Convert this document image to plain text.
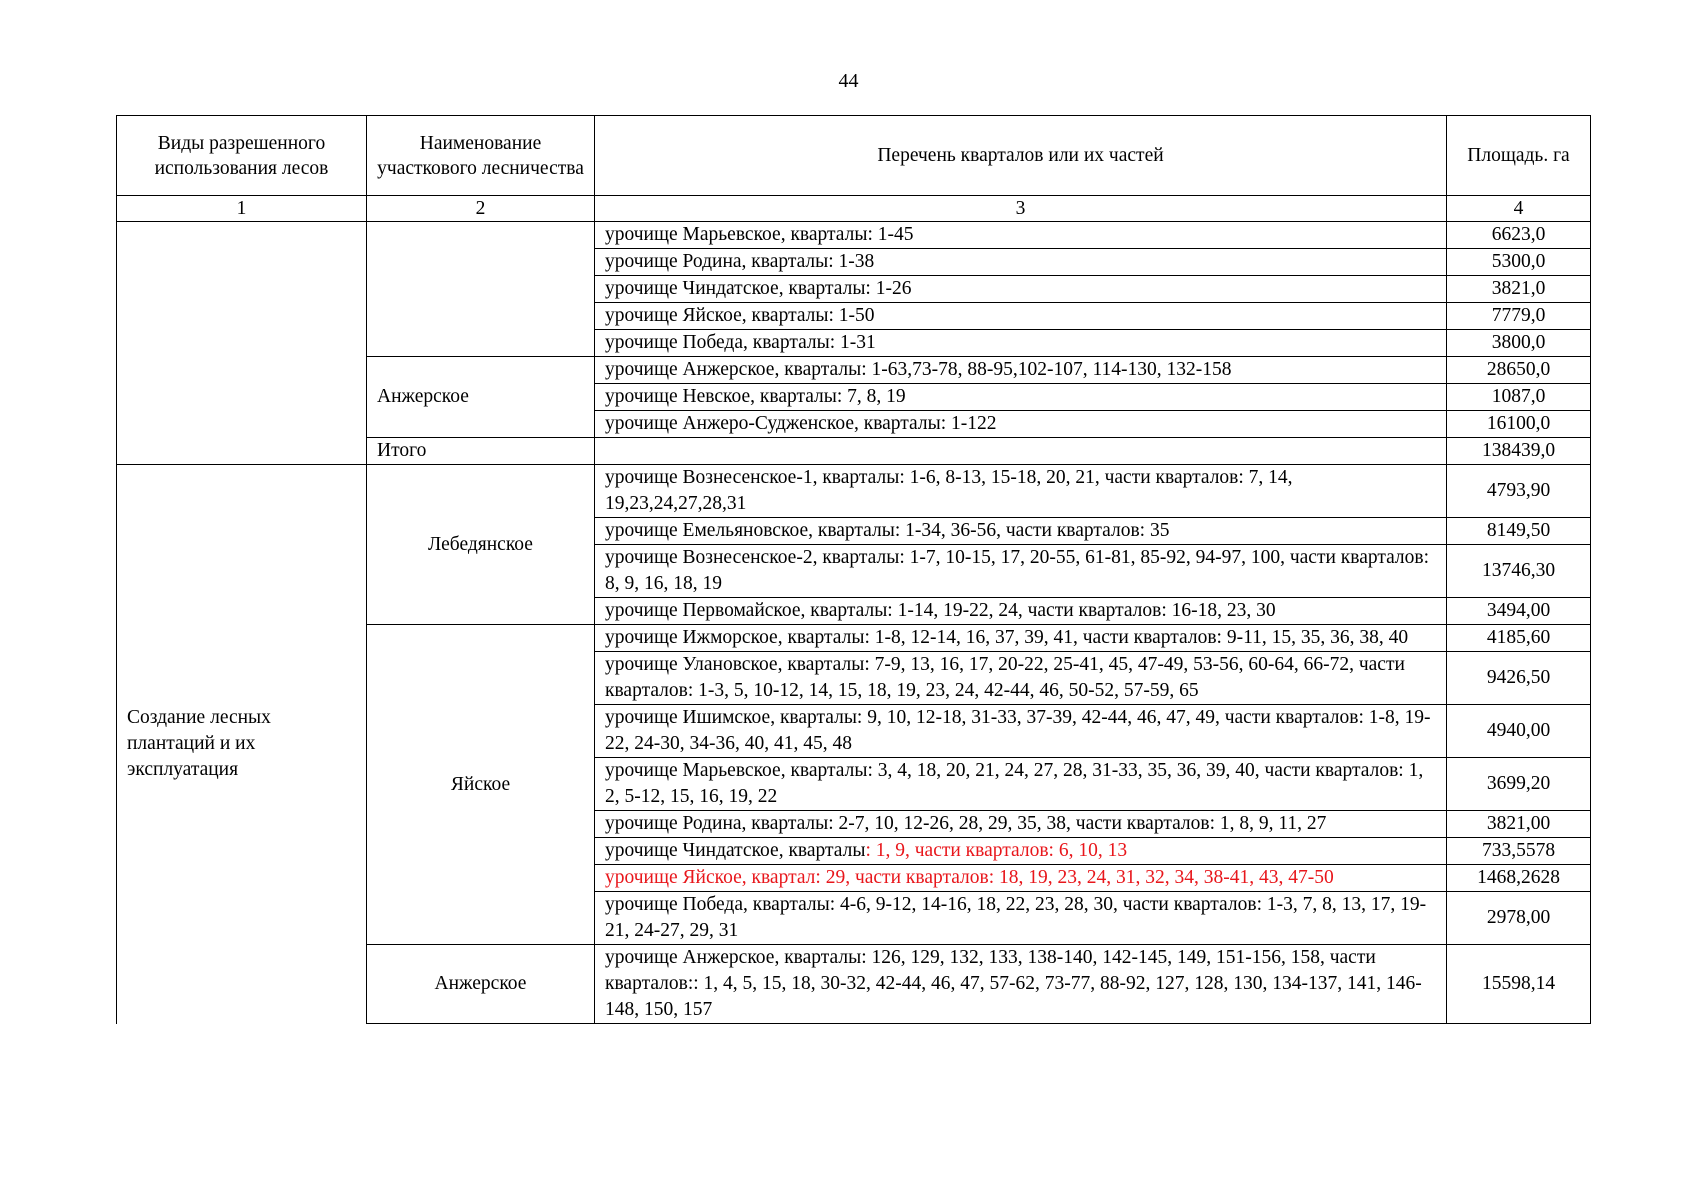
44
Виды разрешенного использования лесов	Наименование участкового лесничества	Перечень кварталов или их частей	Площадь. га
1	2	3	4
		урочище Марьевское, кварталы: 1-45	6623,0
		урочище Родина, кварталы: 1-38	5300,0
		урочище Чиндатское, кварталы: 1-26	3821,0
		урочище Яйское, кварталы: 1-50	7779,0
		урочище Победа, кварталы: 1-31	3800,0
	Анжерское	урочище Анжерское, кварталы: 1-63,73-78, 88-95,102-107, 114-130, 132-158	28650,0
		урочище Невское, кварталы: 7, 8, 19	1087,0
		урочище Анжеро-Судженское, кварталы: 1-122	16100,0
	Итого		138439,0
Создание лесных плантаций и их эксплуатация	Лебедянское	урочище Вознесенское-1, кварталы: 1-6, 8-13, 15-18, 20, 21, части кварталов: 7, 14, 19,23,24,27,28,31	4793,90
		урочище Емельяновское, кварталы: 1-34, 36-56, части кварталов: 35	8149,50
		урочище Вознесенское-2, кварталы: 1-7, 10-15, 17, 20-55, 61-81, 85-92, 94-97, 100, части кварталов: 8, 9, 16, 18, 19	13746,30
		урочище Первомайское, кварталы: 1-14, 19-22, 24, части кварталов: 16-18, 23, 30	3494,00
	Яйское	урочище Ижморское, кварталы: 1-8, 12-14, 16, 37, 39, 41, части кварталов: 9-11, 15, 35, 36, 38, 40	4185,60
		урочище Улановское, кварталы: 7-9, 13, 16, 17, 20-22, 25-41, 45, 47-49, 53-56, 60-64, 66-72, части кварталов: 1-3, 5, 10-12, 14, 15, 18, 19, 23, 24, 42-44, 46, 50-52, 57-59, 65	9426,50
		урочище Ишимское, кварталы: 9, 10, 12-18, 31-33, 37-39, 42-44, 46, 47, 49, части кварталов: 1-8, 19-22, 24-30, 34-36, 40, 41, 45, 48	4940,00
		урочище Марьевское, кварталы: 3, 4, 18, 20, 21, 24, 27, 28, 31-33, 35, 36, 39, 40, части кварталов: 1, 2, 5-12, 15, 16, 19, 22	3699,20
		урочище Родина, кварталы: 2-7, 10, 12-26, 28, 29, 35, 38, части кварталов: 1, 8, 9, 11, 27	3821,00
		урочище Чиндатское, кварталы: 1, 9, части кварталов: 6, 10, 13	733,5578
		урочище Яйское, квартал: 29, части кварталов: 18, 19, 23, 24, 31, 32, 34, 38-41, 43, 47-50	1468,2628
		урочище Победа, кварталы: 4-6, 9-12, 14-16, 18, 22, 23, 28, 30, части кварталов: 1-3, 7, 8, 13, 17, 19-21, 24-27, 29, 31	2978,00
	Анжерское	урочище Анжерское, кварталы: 126, 129, 132, 133, 138-140, 142-145, 149, 151-156, 158, части кварталов:: 1, 4, 5, 15, 18, 30-32, 42-44, 46, 47, 57-62, 73-77, 88-92, 127, 128, 130, 134-137, 141, 146-148, 150, 157	15598,14
